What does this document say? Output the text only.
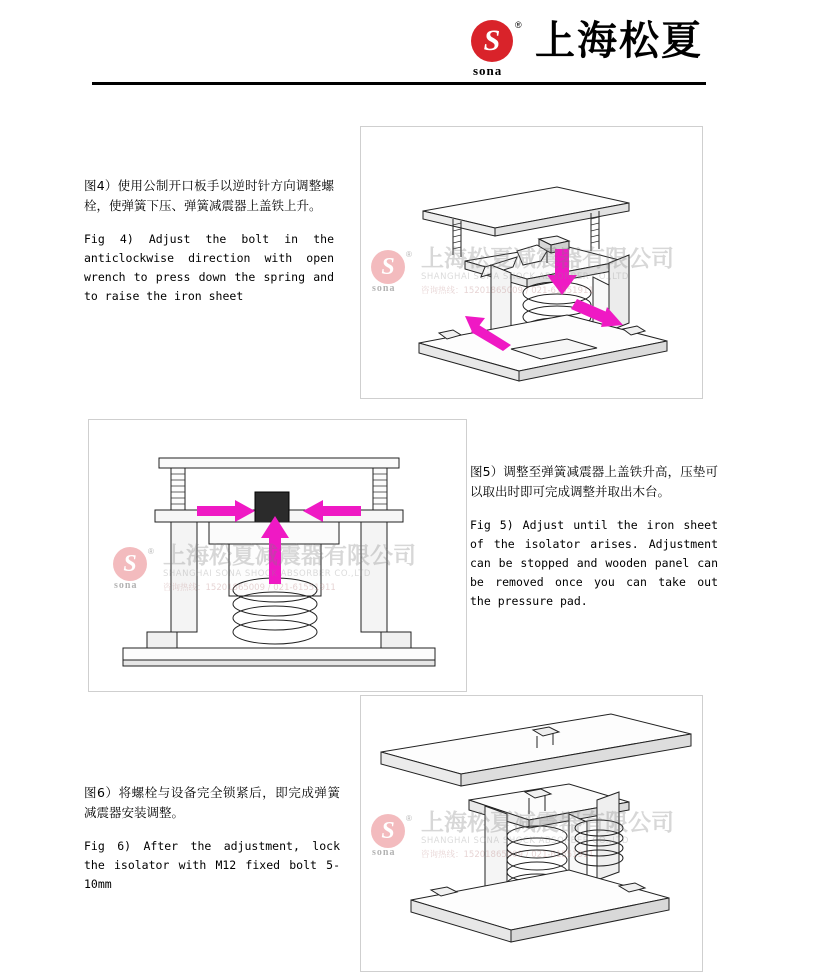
S	®
sona
上海松夏

图4）使用公制开口板手以逆时针方向调整螺栓，使弹簧下压、弹簧减震器上盖铁上升。

Fig 4) Adjust the bolt in the anticlockwise direction with open wrench to press down the spring and to raise the iron sheet

S	®
sona
上海松夏减震器有限公司
SHANGHAI SONA SHOCK ABSORBER CO.,LTD
咨询热线：15201865009 / 021-61551911
S	®
sona
上海松夏减震器有限公司
SHANGHAI SONA SHOCK ABSORBER CO.,LTD
咨询热线：15201865009 / 021-61551911

图5）调整至弹簧减震器上盖铁升高，压垫可以取出时即可完成调整并取出木台。

Fig 5) Adjust until the iron sheet of the isolator arises. Adjustment can be stopped and wooden panel can be removed once you can take out the pressure pad.

图6）将螺栓与设备完全锁紧后，即完成弹簧减震器安装调整。

Fig 6) After the adjustment, lock the isolator with M12 fixed bolt 5-10mm

S	®
sona
上海松夏减震器有限公司
SHANGHAI SONA SHOCK ABSORBER CO.,LTD
咨询热线：15201865009 / 021-61551911
